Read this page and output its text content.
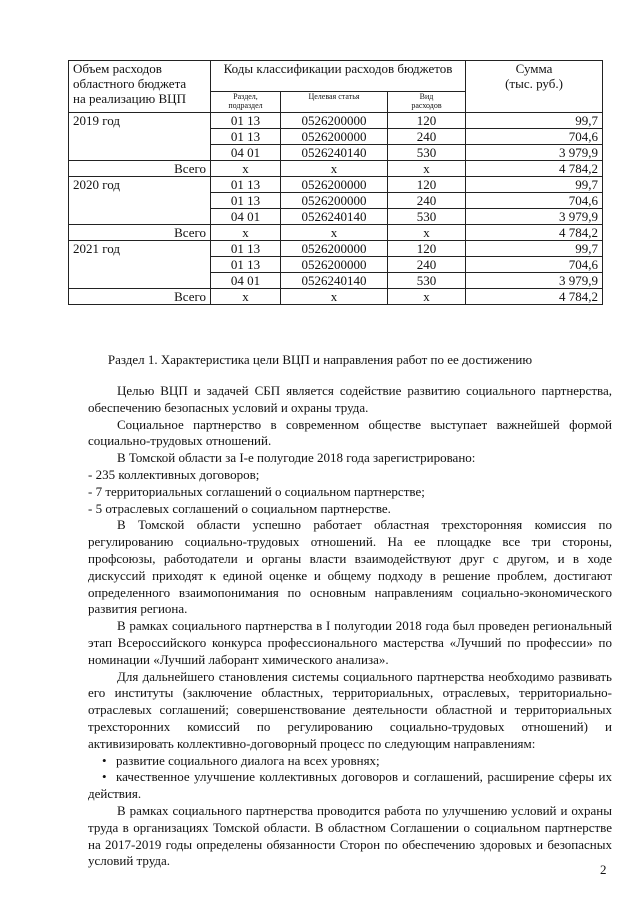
Объем расходов
областного бюджета
на реализацию ВЦП	Коды классификации расходов бюджетов			Сумма
(тыс. руб.)
	Раздел,
подраздел	Целевая статья	Вид
расходов	
2019 год	01 13	0526200000	120	99,7
	01 13	0526200000	240	704,6
	04 01	0526240140	530	3 979,9
Всего	x	x	x	4 784,2
2020 год	01 13	0526200000	120	99,7
	01 13	0526200000	240	704,6
	04 01	0526240140	530	3 979,9
Всего	x	x	x	4 784,2
2021 год	01 13	0526200000	120	99,7
	01 13	0526200000	240	704,6
	04 01	0526240140	530	3 979,9
Всего	x	x	x	4 784,2
Раздел 1. Характеристика цели ВЦП и направления работ по ее достижению

Целью ВЦП и задачей СБП является содействие развитию социального партнерства, обеспечению безопасных условий и охраны труда.

Социальное партнерство в современном обществе выступает важнейшей формой социально-трудовых отношений.

В Томской области за I-е полугодие 2018 года зарегистрировано:

- 235 коллективных договоров;

- 7 территориальных соглашений о социальном партнерстве;

- 5 отраслевых соглашений о социальном партнерстве.

В Томской области успешно работает областная трехсторонняя комиссия по регулированию социально-трудовых отношений. На ее площадке все три стороны, профсоюзы, работодатели и органы власти взаимодействуют друг с другом, и в ходе дискуссий приходят к единой оценке и общему подходу в решение проблем, достигают определенного взаимопонимания по основным направлениям социально-экономического развития региона.

В рамках социального партнерства в I полугодии 2018 года был проведен региональный этап Всероссийского конкурса профессионального мастерства «Лучший по профессии» по номинации «Лучший лаборант химического анализа».

Для дальнейшего становления системы социального партнерства необходимо развивать его институты (заключение областных, территориальных, отраслевых, территориально-отраслевых соглашений; совершенствование деятельности областной и территориальных трехсторонних комиссий по регулированию социально-трудовых отношений) и активизировать коллективно-договорный процесс по следующим направлениям:

• развитие социального диалога на всех уровнях;

• качественное улучшение коллективных договоров и соглашений, расширение сферы их действия.

В рамках социального партнерства проводится работа по улучшению условий и охраны труда в организациях Томской области. В областном Соглашении о социальном партнерстве на 2017-2019 годы определены обязанности Сторон по обеспечению здоровых и безопасных условий труда.

2
